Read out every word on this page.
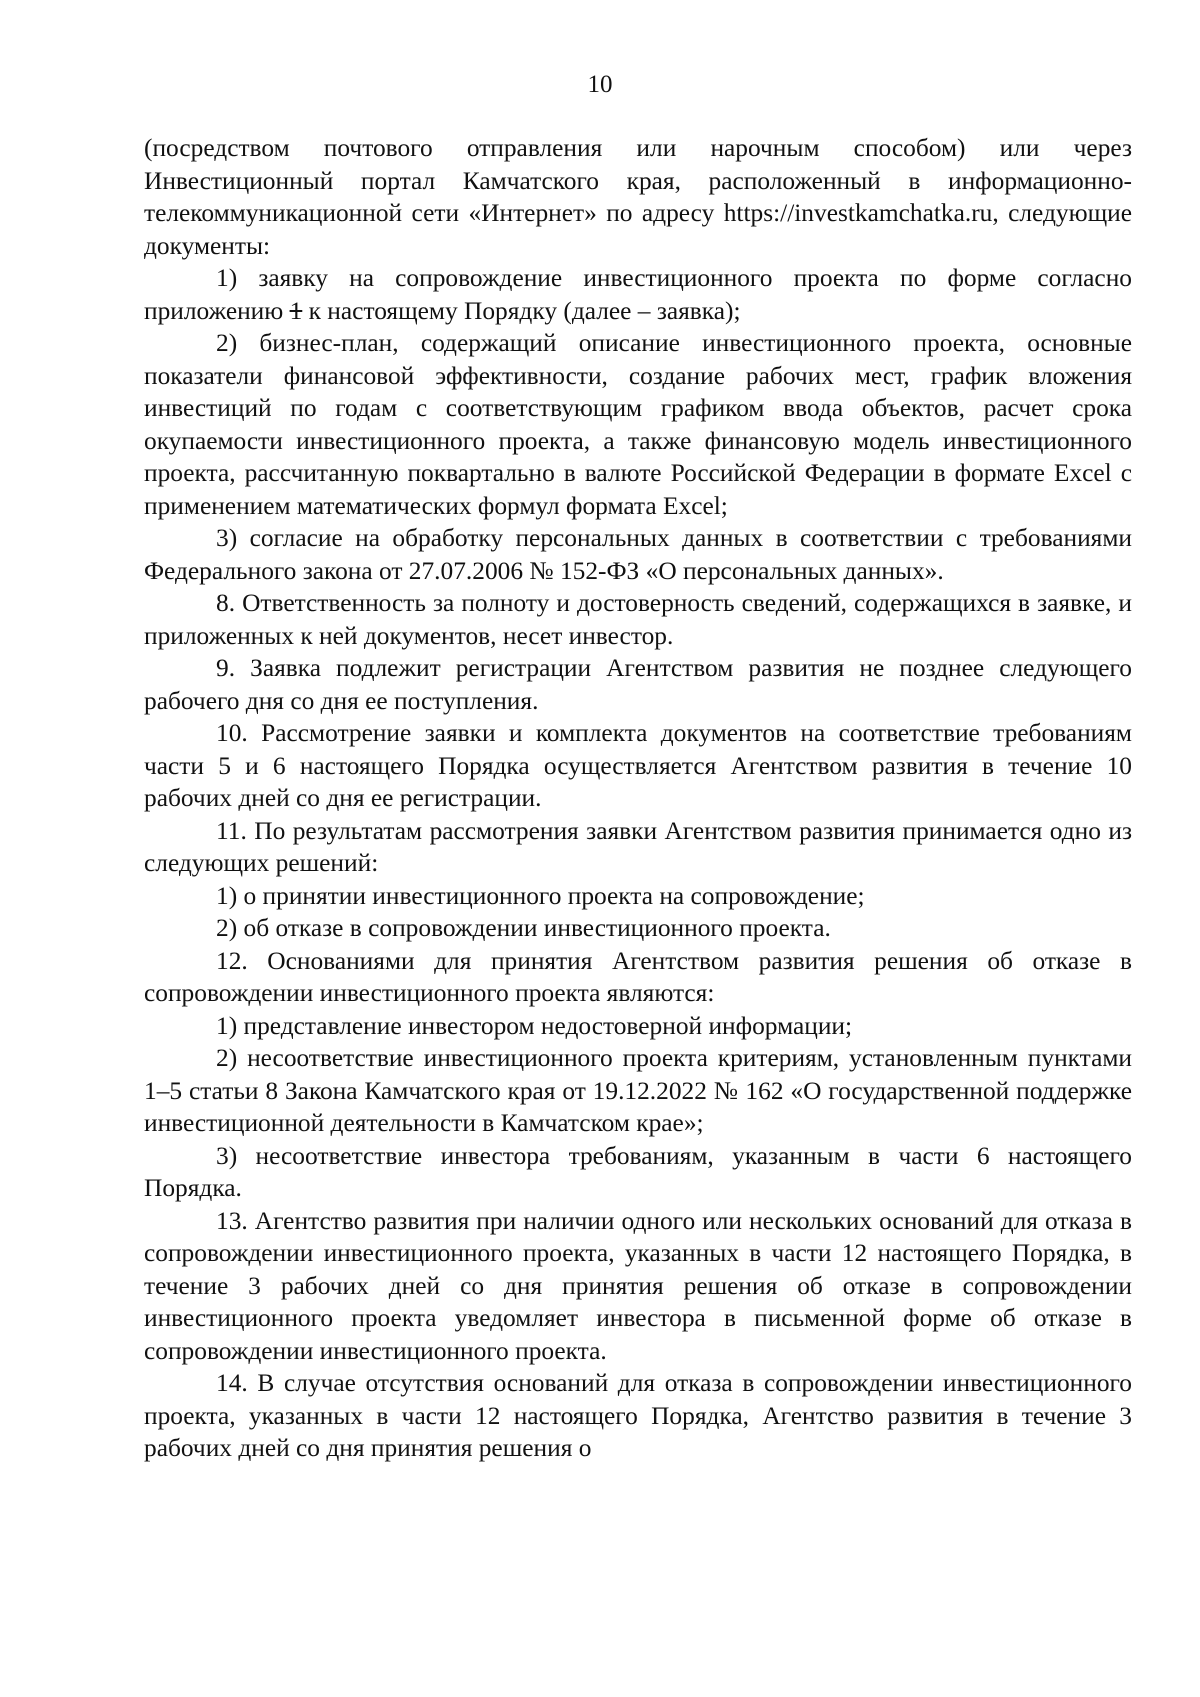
10

(посредством почтового отправления или нарочным способом) или через Инвестиционный портал Камчатского края, расположенный в информационно-телекоммуникационной сети «Интернет» по адресу https://investkamchatka.ru, следующие документы:

1) заявку на сопровождение инвестиционного проекта по форме согласно приложению 1 к настоящему Порядку (далее – заявка);

2) бизнес-план, содержащий описание инвестиционного проекта, основные показатели финансовой эффективности, создание рабочих мест, график вложения инвестиций по годам с соответствующим графиком ввода объектов, расчет срока окупаемости инвестиционного проекта, а также финансовую модель инвестиционного проекта, рассчитанную поквартально в валюте Российской Федерации в формате Excel с применением математических формул формата Excel;

3) согласие на обработку персональных данных в соответствии с требованиями Федерального закона от 27.07.2006 № 152-ФЗ «О персональных данных».

8. Ответственность за полноту и достоверность сведений, содержащихся в заявке, и приложенных к ней документов, несет инвестор.

9. Заявка подлежит регистрации Агентством развития не позднее следующего рабочего дня со дня ее поступления.

10. Рассмотрение заявки и комплекта документов на соответствие требованиям части 5 и 6 настоящего Порядка осуществляется Агентством развития в течение 10 рабочих дней со дня ее регистрации.

11. По результатам рассмотрения заявки Агентством развития принимается одно из следующих решений:

1) о принятии инвестиционного проекта на сопровождение;

2) об отказе в сопровождении инвестиционного проекта.

12. Основаниями для принятия Агентством развития решения об отказе в сопровождении инвестиционного проекта являются:

1) представление инвестором недостоверной информации;

2) несоответствие инвестиционного проекта критериям, установленным пунктами 1–5 статьи 8 Закона Камчатского края от 19.12.2022 № 162 «О государственной поддержке инвестиционной деятельности в Камчатском крае»;

3) несоответствие инвестора требованиям, указанным в части 6 настоящего Порядка.

13. Агентство развития при наличии одного или нескольких оснований для отказа в сопровождении инвестиционного проекта, указанных в части 12 настоящего Порядка, в течение 3 рабочих дней со дня принятия решения об отказе в сопровождении инвестиционного проекта уведомляет инвестора в письменной форме об отказе в сопровождении инвестиционного проекта.

14. В случае отсутствия оснований для отказа в сопровождении инвестиционного проекта, указанных в части 12 настоящего Порядка, Агентство развития в течение 3 рабочих дней со дня принятия решения о
